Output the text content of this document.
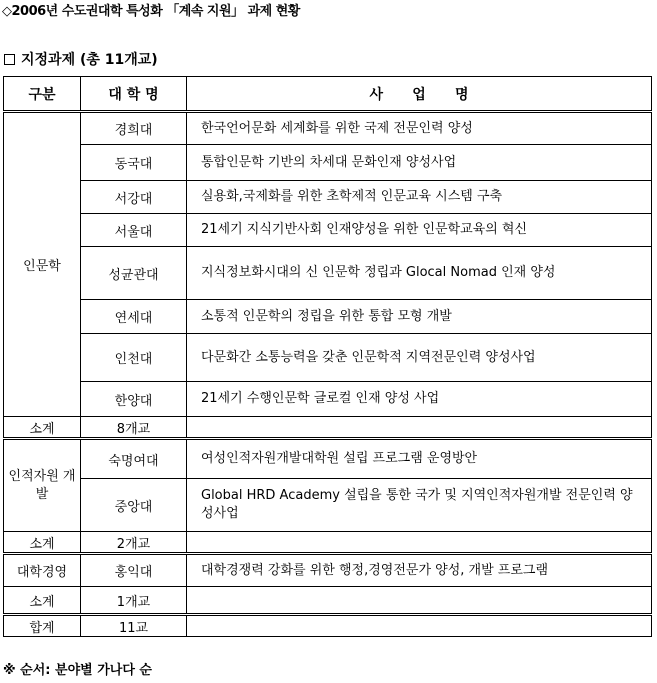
◇2006년 수도권대학 특성화 「계속 지원」 과제 현황
지정과제 (총 11개교)
구분	대 학 명	사      업      명
인문학	경희대	한국언어문화 세계화를 위한 국제 전문인력 양성
	동국대	통합인문학 기반의 차세대 문화인재 양성사업
	서강대	실용화,국제화를 위한 초학제적 인문교육 시스템 구축
	서울대	21세기 지식기반사회 인재양성을 위한 인문학교육의 혁신
	성균관대	지식정보화시대의 신 인문학 정립과 Glocal Nomad 인재 양성
	연세대	소통적 인문학의 정립을 위한 통합 모형 개발
	인천대	다문화간 소통능력을 갖춘 인문학적 지역전문인력 양성사업
	한양대	21세기 수행인문학 글로컬 인재 양성 사업
소계	8개교	
인적자원 개발	숙명여대	여성인적자원개발대학원 설립 프로그램 운영방안
	중앙대	Global HRD Academy 설립을 통한 국가 및 지역인적자원개발 전문인력 양성사업
소계	2개교	
대학경영	홍익대	대학경쟁력 강화를 위한 행정,경영전문가 양성, 개발 프로그램
소계	1개교	
합계	11교	
※ 순서: 분야별 가나다 순
